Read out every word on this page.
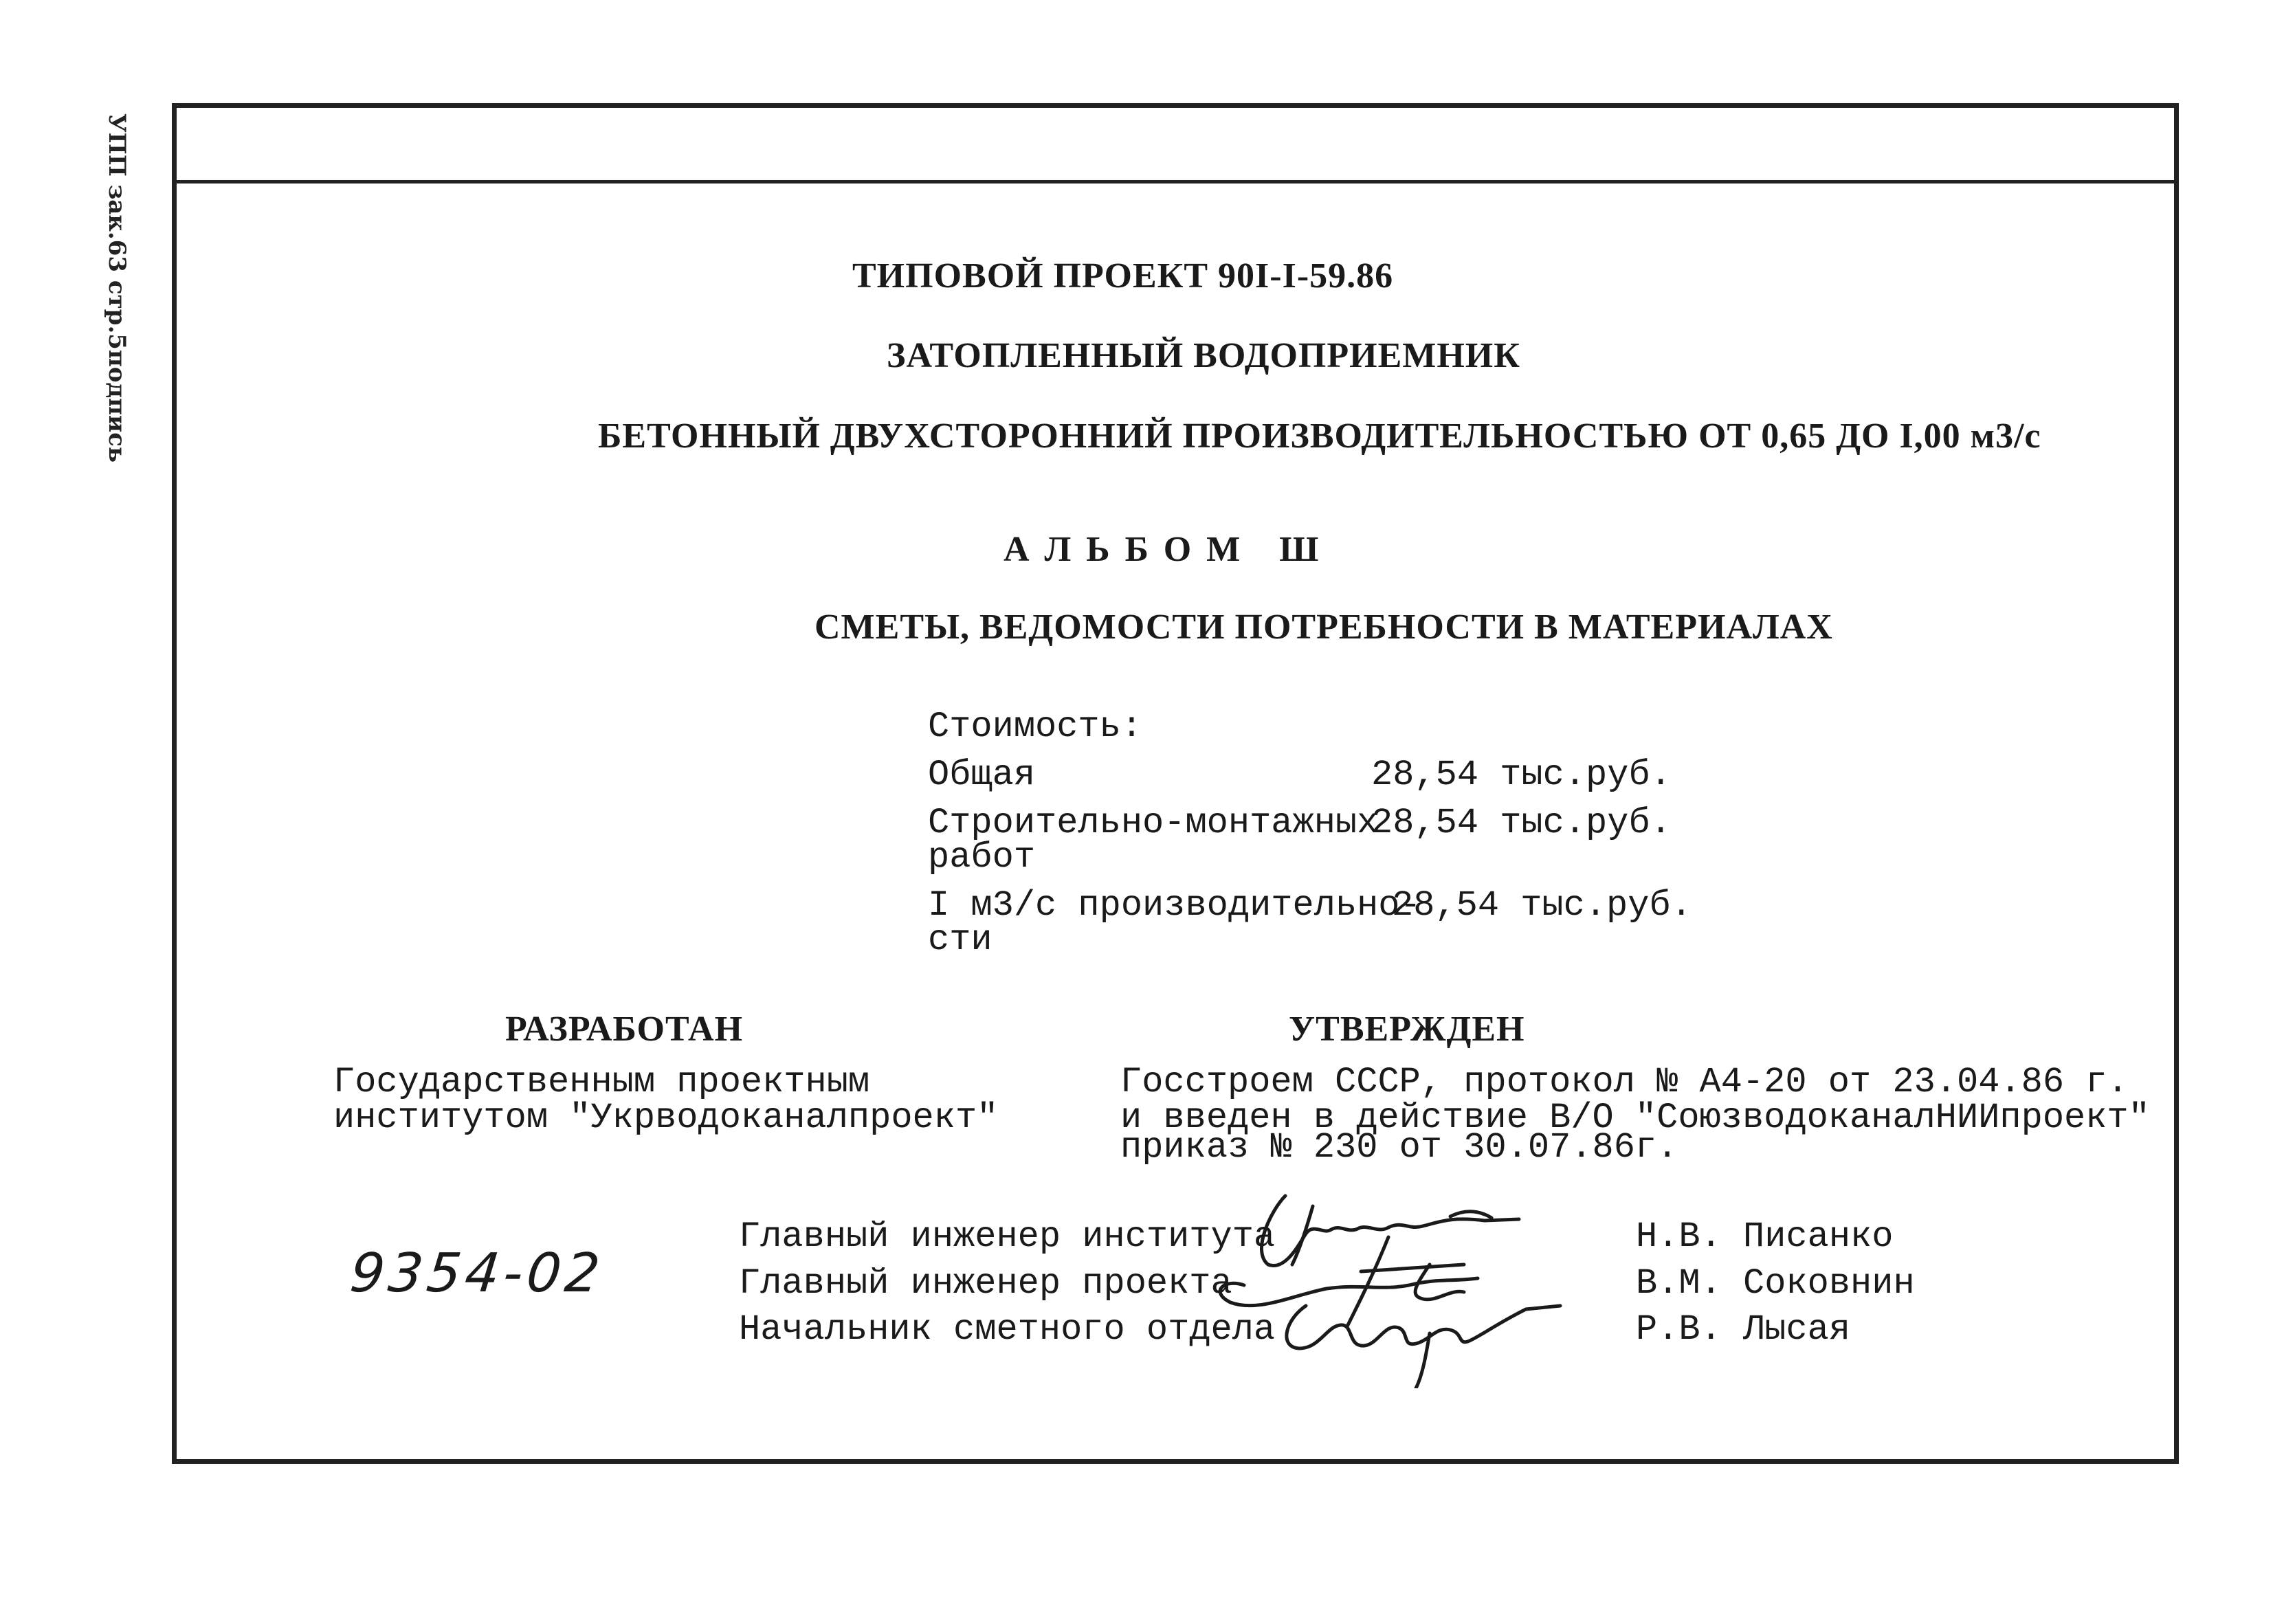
УПП зак.63 стр.5подпись	ТИПОВОЙ ПРОЕКТ 90I-I-59.86
ЗАТОПЛЕННЫЙ ВОДОПРИЕМНИК
БЕТОННЫЙ ДВУХСТОРОННИЙ ПРОИЗВОДИТЕЛЬНОСТЬЮ ОТ 0,65 ДО I,00 м3/с
АЛЬБОМ Ш
СМЕТЫ, ВЕДОМОСТИ ПОТРЕБНОСТИ В МАТЕРИАЛАХ
Стоимость:
Общая	28,54 тыс.руб.
Строительно-монтажных
работ
28,54 тыс.руб.
I м3/с производительно-
сти
28,54 тыс.руб.
РАЗРАБОТАН
Государственным проектным
институтом "Укрводоканалпроект"
УТВЕРЖДЕН
Госстроем СССР, протокол № А4-20 от 23.04.86 г.
и введен в действие В/О "СоюзводоканалНИИпроект"
приказ № 230 от 30.07.86г.
9354-02
Главный инженер института	Н.В. Писанко
Главный инженер проекта	В.М. Соковнин
Начальник сметного отдела	Р.В. Лысая
